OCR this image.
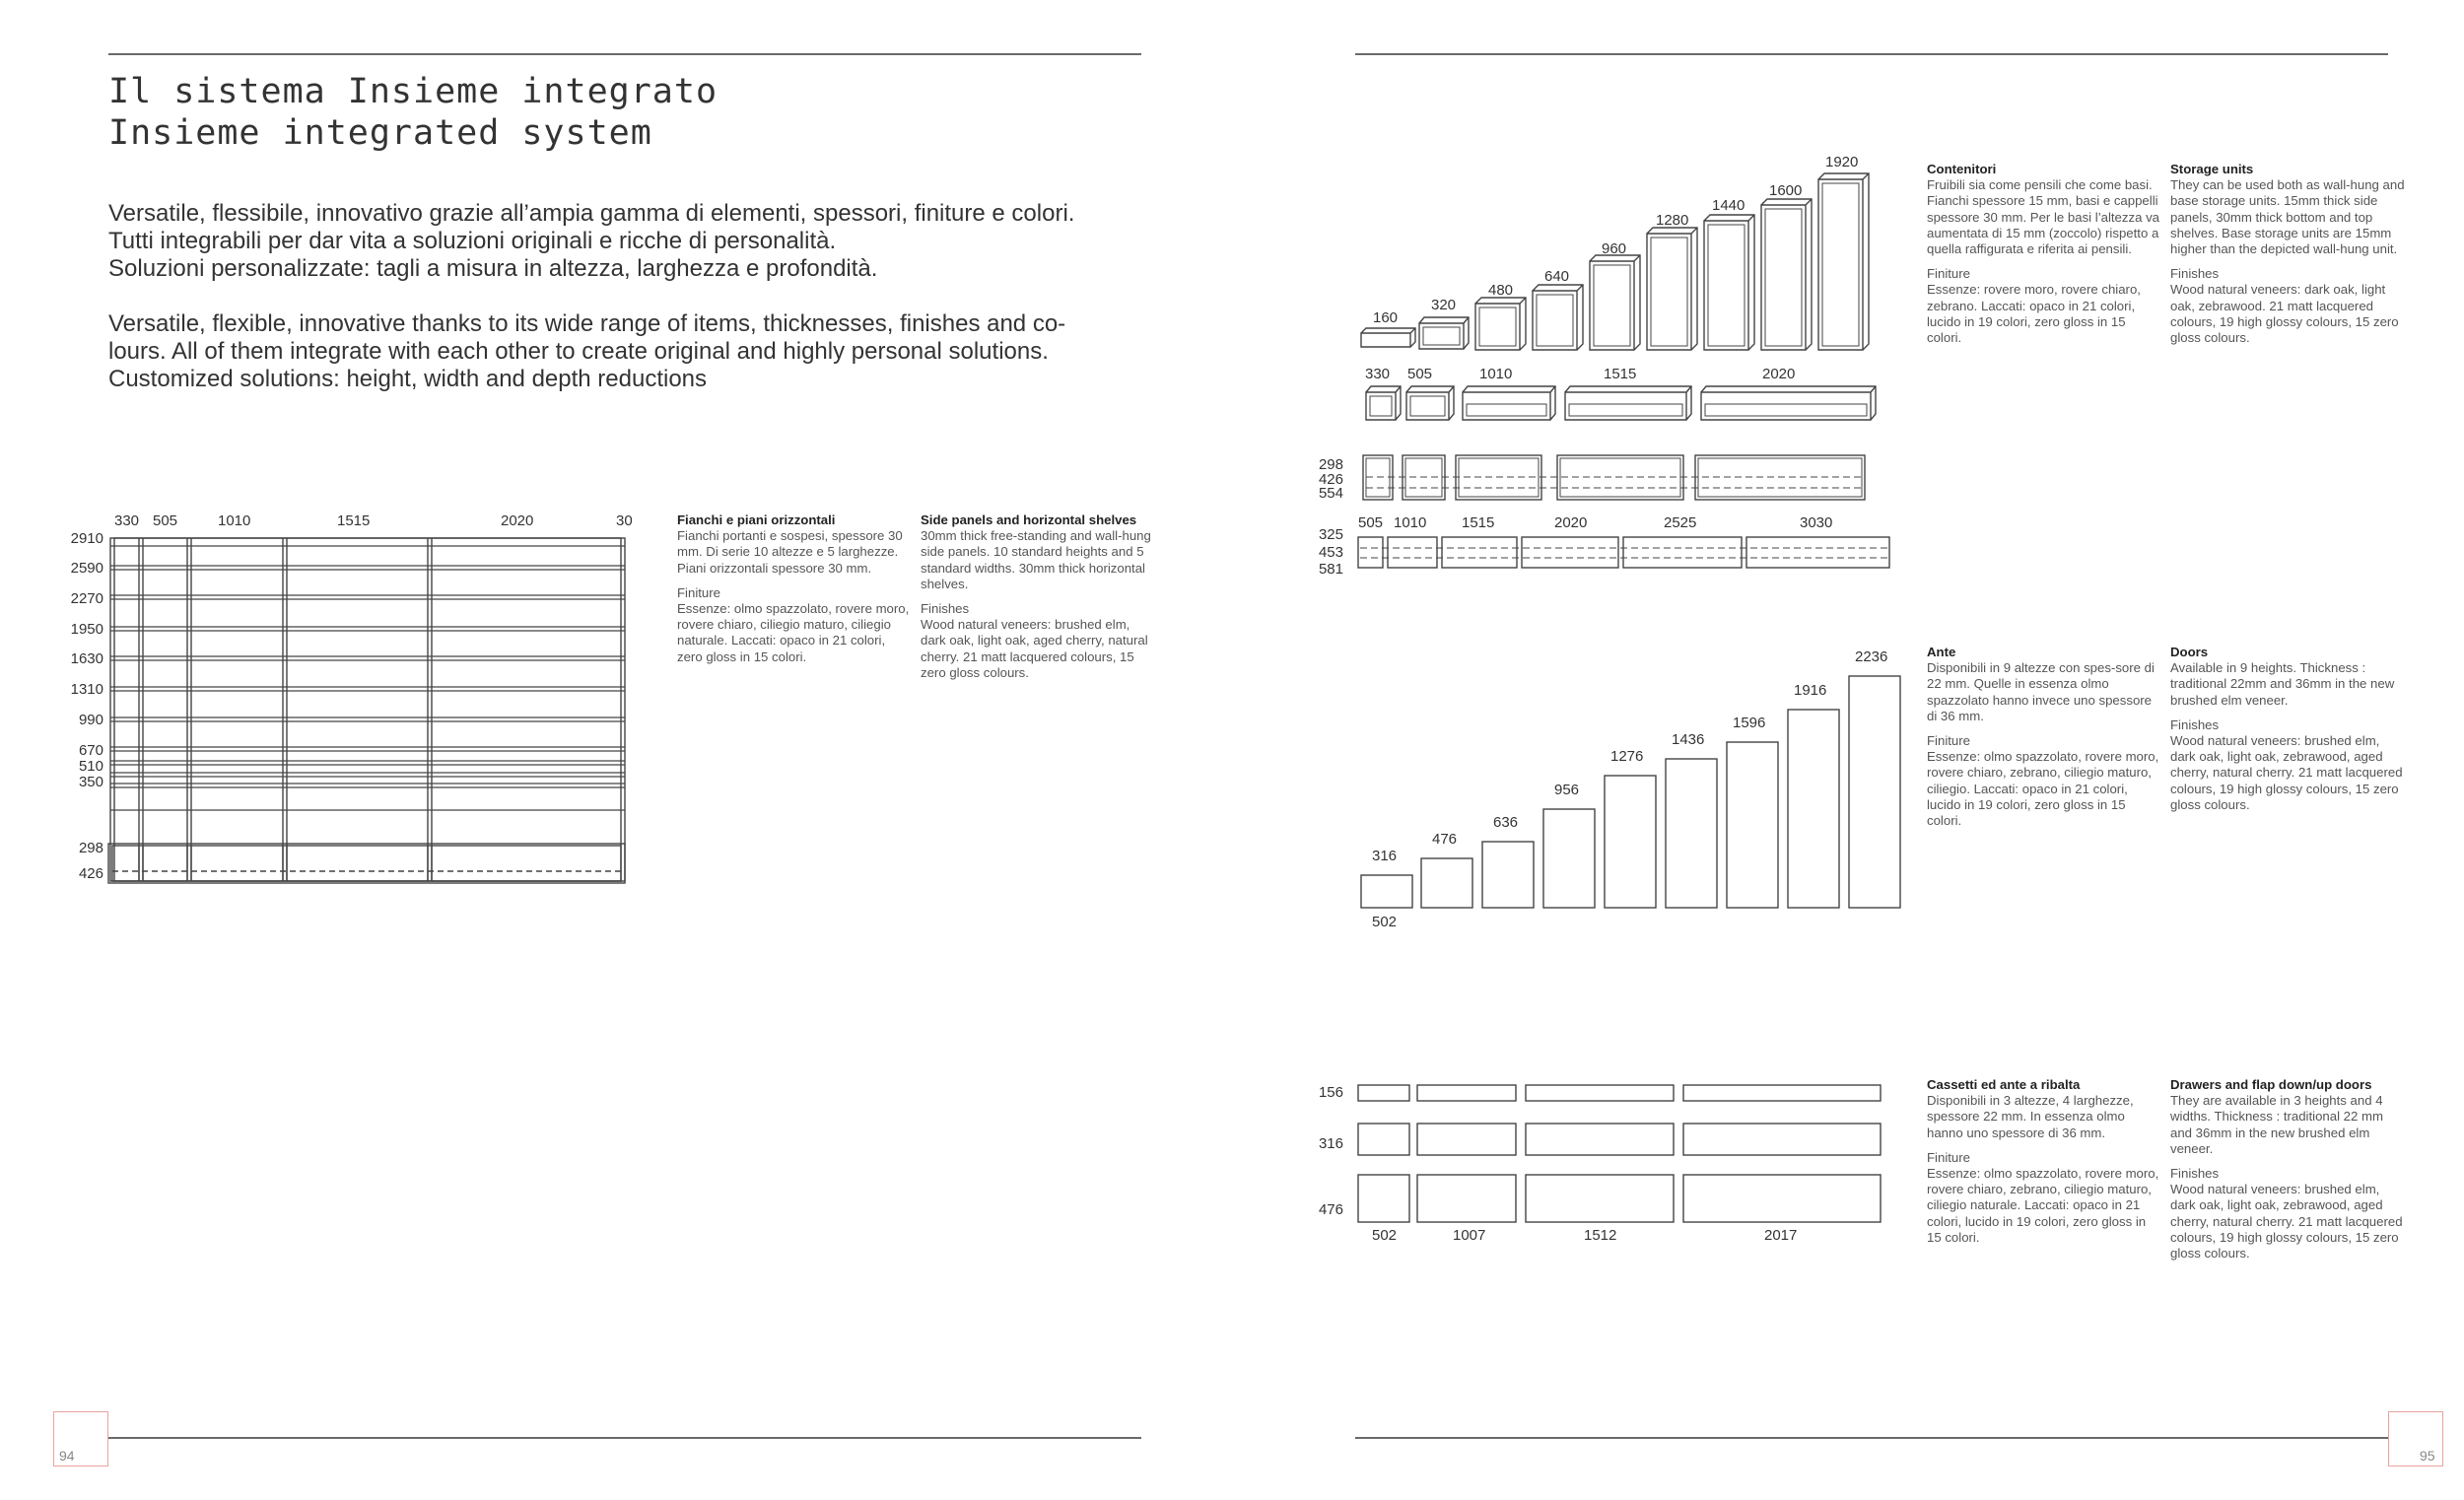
Il sistema Insieme integrato
Insieme integrated system
Versatile, flessibile, innovativo grazie all’ampia gamma di elementi, spessori, finiture e colori.
Tutti integrabili per dar vita a soluzioni originali e ricche di personalità.
Soluzioni personalizzate: tagli a misura in altezza, larghezza e profondità.
Versatile, flexible, innovative thanks to its wide range of items, thicknesses, finishes and co-
lours. All of them integrate with each other to create original and highly personal solutions.
Customized solutions: height, width and depth reductions
330 505	1010	1515	2020	30
2910
2590
2270
1950
1630
1310
990
670
510
350
298
426

Fianchi e piani orizzontali
Fianchi portanti e sospesi, spessore 30 mm. Di serie 10 altezze e 5 larghezze. Piani orizzontali spessore 30 mm.

Finiture
Essenze: olmo spazzolato, rovere moro, rovere chiaro, ciliegio maturo, ciliegio naturale. Laccati: opaco in 21 colori, zero gloss in 15 colori.

Side panels and horizontal shelves
30mm thick free-standing and wall-hung side panels. 10 standard heights and 5 standard widths. 30mm thick horizontal shelves.

Finishes
Wood natural veneers: brushed elm, dark oak, light oak, aged cherry, natural cherry. 21 matt lacquered colours, 15 zero gloss colours.

160
320
480
640
960
1280
1440
1600
1920
330 505	1010	1515	2020
298
426
554
505 1010 1515	2020	2525	3030
325
453
581

Contenitori
Fruibili sia come pensili che come basi. Fianchi spessore 15 mm, basi e cappelli spessore 30 mm. Per le basi l’altezza va aumentata di 15 mm (zoccolo) rispetto a quella raffigurata e riferita ai pensili.

Finiture
Essenze: rovere moro, rovere chiaro, zebrano. Laccati: opaco in 21 colori, lucido in 19 colori, zero gloss in 15 colori.

Storage units
They can be used both as wall-hung and base storage units. 15mm thick side panels, 30mm thick bottom and top shelves. Base storage units are 15mm higher than the depicted wall-hung unit.

Finishes
Wood natural veneers: dark oak, light oak, zebrawood. 21 matt lacquered colours, 19 high glossy colours, 15 zero gloss colours.

316
476
636
956
1276
1436
1596
1916
2236
502

Ante
Disponibili in 9 altezze con spes-sore di 22 mm. Quelle in essenza olmo spazzolato hanno invece uno spessore di 36 mm.

Finiture
Essenze: olmo spazzolato, rovere moro, rovere chiaro, zebrano, ciliegio maturo, ciliegio. Laccati: opaco in 21 colori, lucido in 19 colori, zero gloss in 15 colori.

Doors
Available in 9 heights. Thickness : traditional 22mm and 36mm in the new brushed elm veneer.

Finishes
Wood natural veneers: brushed elm, dark oak, light oak, zebrawood, aged cherry, natural cherry. 21 matt lacquered colours, 19 high glossy colours, 15 zero gloss colours.

156
316
476
502	1007	1512	2017

Cassetti ed ante a ribalta
Disponibili in 3 altezze, 4 larghezze, spessore 22 mm. In essenza olmo hanno uno spessore di 36 mm.

Finiture
Essenze: olmo spazzolato, rovere moro, rovere chiaro, zebrano, ciliegio maturo, ciliegio naturale. Laccati: opaco in 21 colori, lucido in 19 colori, zero gloss in 15 colori.

Drawers and flap down/up doors
They are available in 3 heights and 4 widths. Thickness : traditional 22 mm and 36mm in the new brushed elm veneer.

Finishes
Wood natural veneers: brushed elm, dark oak, light oak, zebrawood, aged cherry, natural cherry. 21 matt lacquered colours, 19 high glossy colours, 15 zero gloss colours.

94	95
